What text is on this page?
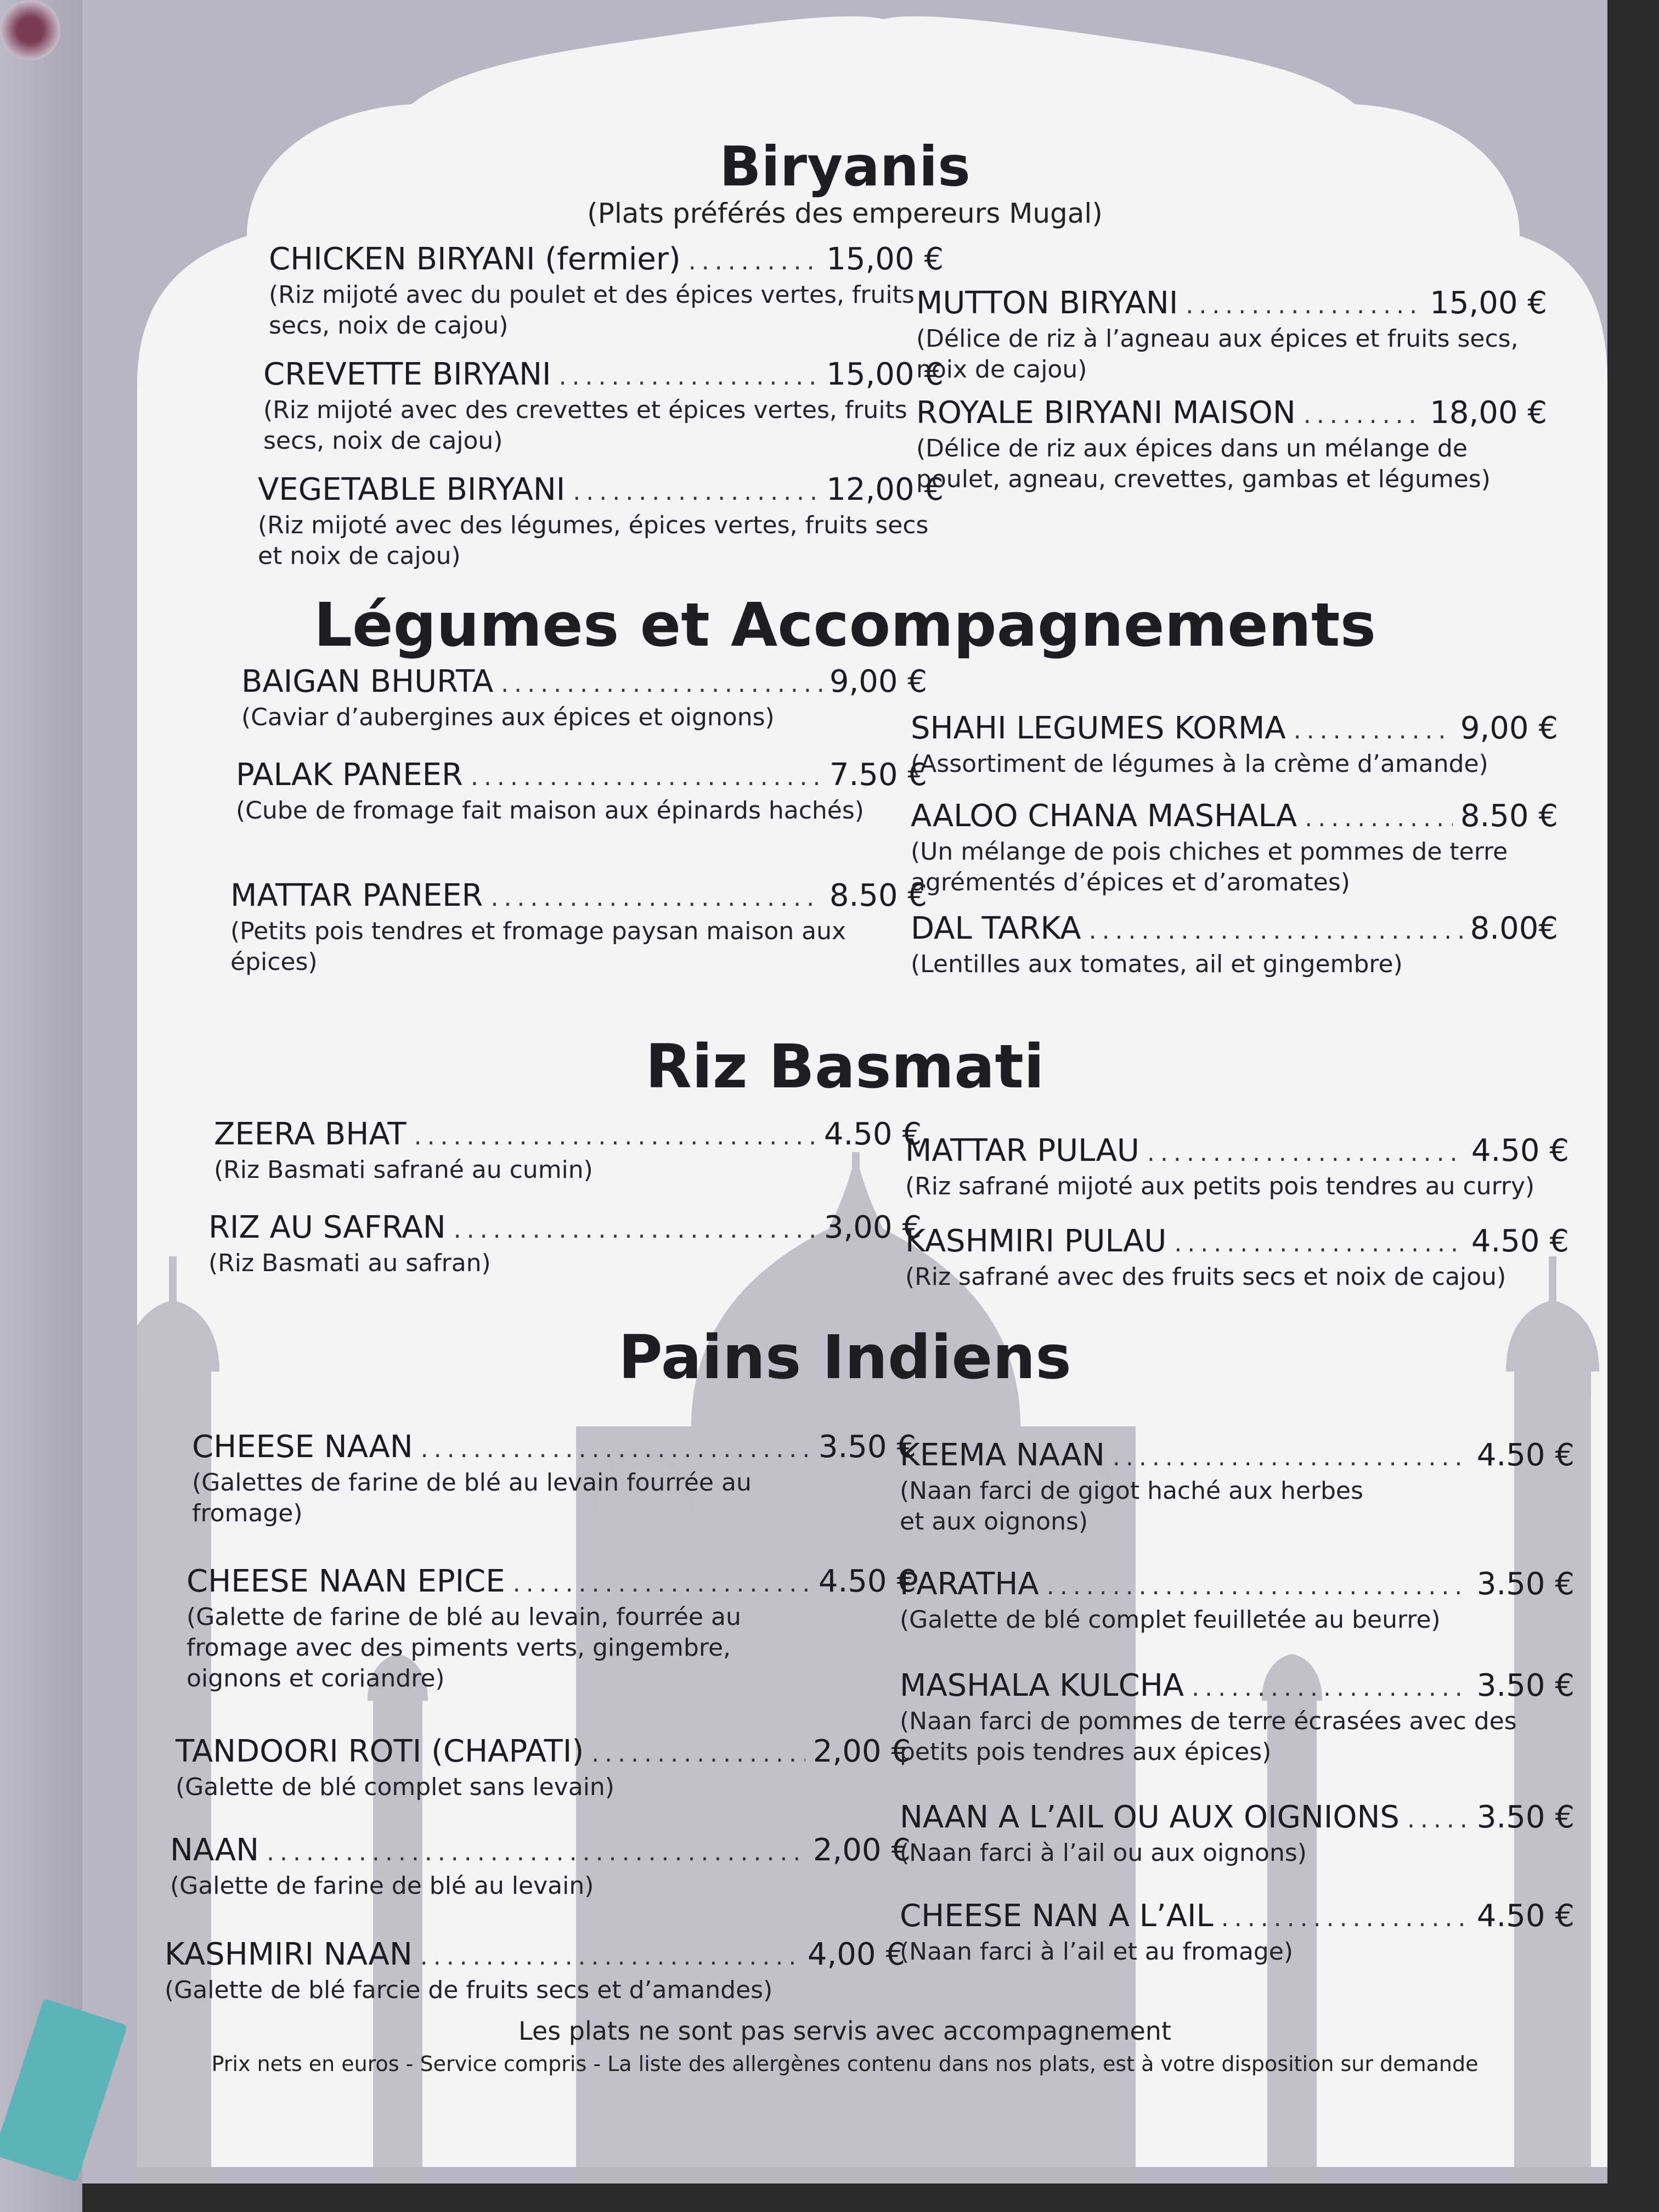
Biryanis

(Plats préférés des empereurs Mugal)

CHICKEN BIRYANI (fermier) .....	15,00 €
(Riz mijoté avec du poulet et des épices vertes, fruits secs, noix de cajou)
CREVETTE BIRYANI .....	15,00 €
(Riz mijoté avec des crevettes et épices vertes, fruits secs, noix de cajou)
VEGETABLE BIRYANI .....	12,00 €
(Riz mijoté avec des légumes, épices vertes, fruits secs et noix de cajou)
MUTTON BIRYANI .....	15,00 €
(Délice de riz à l’agneau aux épices et fruits secs, noix de cajou)
ROYALE BIRYANI MAISON .....	18,00 €
(Délice de riz aux épices dans un mélange de poulet, agneau, crevettes, gambas et légumes)
Légumes et Accompagnements
BAIGAN BHURTA .....	9,00 €
(Caviar d’aubergines aux épices et oignons)
PALAK PANEER .....	7.50 €
(Cube de fromage fait maison aux épinards hachés)
MATTAR PANEER .....	8.50 €
(Petits pois tendres et fromage paysan maison aux épices)
SHAHI LEGUMES KORMA .....	9,00 €
(Assortiment de légumes à la crème d’amande)
AALOO CHANA MASHALA .....	8.50 €
(Un mélange de pois chiches et pommes de terre agrémentés d’épices et d’aromates)
DAL TARKA .....	8.00€
(Lentilles aux tomates, ail et gingembre)
Riz Basmati
ZEERA BHAT .....	4.50 €
(Riz Basmati safrané au cumin)
RIZ AU SAFRAN .....	3,00 €
(Riz Basmati au safran)
MATTAR PULAU .....	4.50 €
(Riz safrané mijoté aux petits pois tendres au curry)
KASHMIRI PULAU .....	4.50 €
(Riz safrané avec des fruits secs et noix de cajou)
Pains Indiens
CHEESE NAAN .....	3.50 €
(Galettes de farine de blé au levain fourrée au fromage)
CHEESE NAAN EPICE .....	4.50 €
(Galette de farine de blé au levain, fourrée au fromage avec des piments verts, gingembre, oignons et coriandre)
TANDOORI ROTI (CHAPATI) .....	2,00 €
(Galette de blé complet sans levain)
NAAN .....	2,00 €
(Galette de farine de blé au levain)
KASHMIRI NAAN .....	4,00 €
(Galette de blé farcie de fruits secs et d’amandes)
KEEMA NAAN .....	4.50 €
(Naan farci de gigot haché aux herbes et aux oignons)
PARATHA .....	3.50 €
(Galette de blé complet feuilletée au beurre)
MASHALA KULCHA .....	3.50 €
(Naan farci de pommes de terre écrasées avec des petits pois tendres aux épices)
NAAN A L’AIL OU AUX OIGNIONS .....	3.50 €
(Naan farci à l’ail ou aux oignons)
CHEESE NAN A L’AIL .....	4.50 €
(Naan farci à l’ail et au fromage)
Les plats ne sont pas servis avec accompagnement
Prix nets en euros - Service compris - La liste des allergènes contenu dans nos plats, est à votre disposition sur demande
